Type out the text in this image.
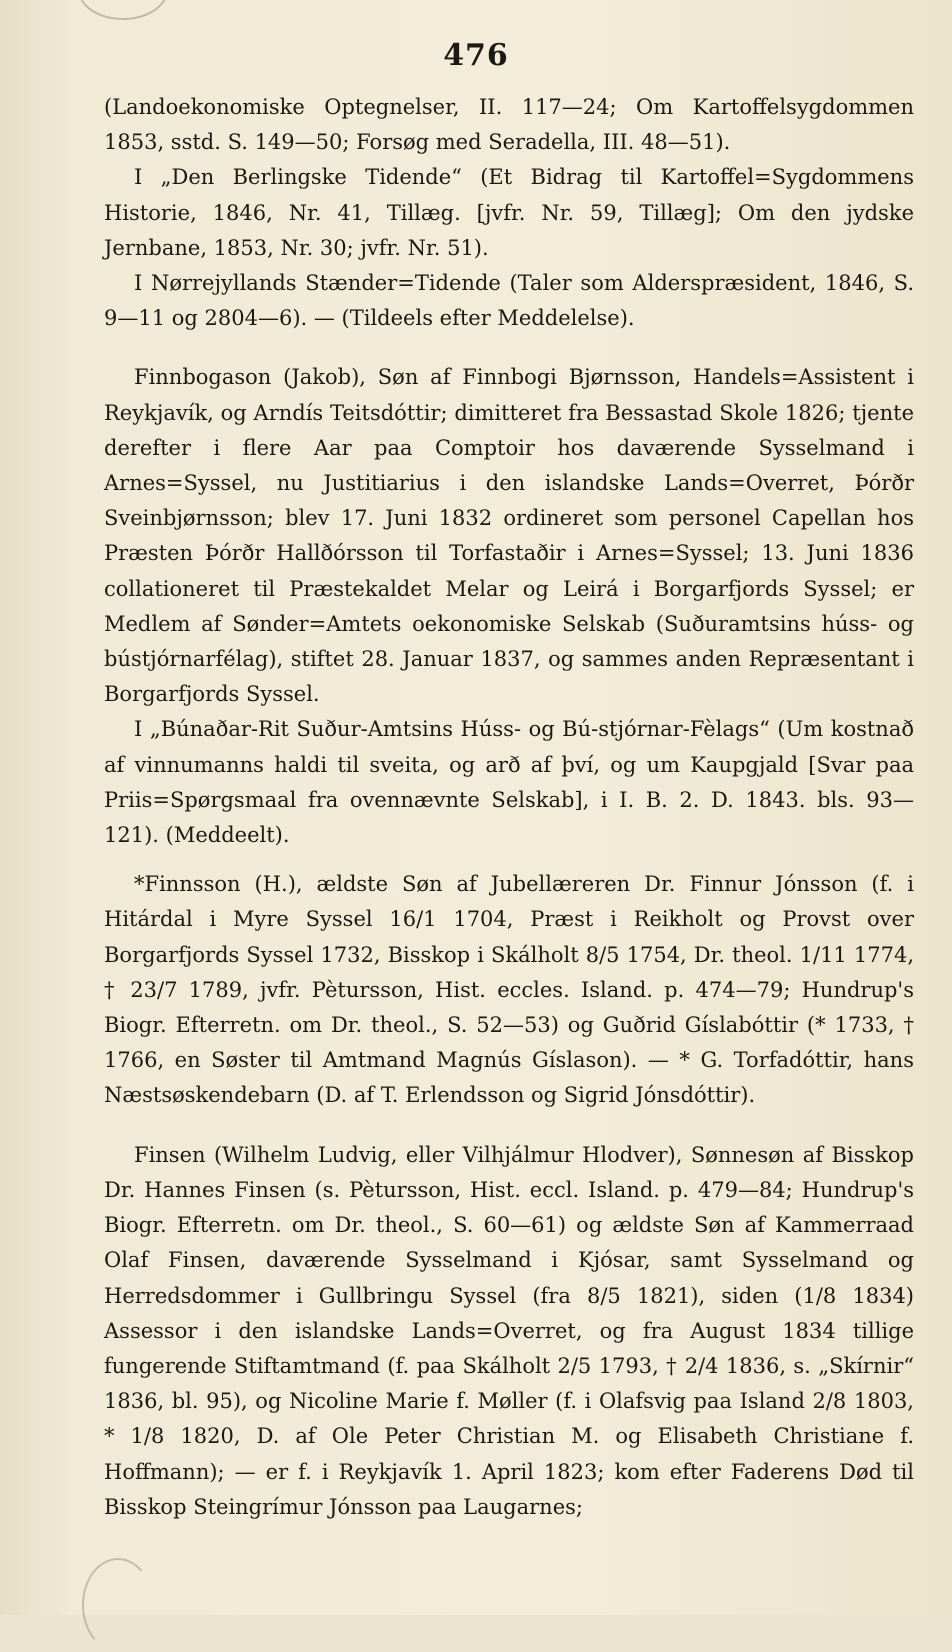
476

(Landoekonomiske Optegnelser, II. 117—24; Om Kartoffelsygdommen 1853, sstd. S. 149—50; Forsøg med Seradella, III. 48—51).

I „Den Berlingske Tidende“ (Et Bidrag til Kartoffel=Sygdommens Historie, 1846, Nr. 41, Tillæg. [jvfr. Nr. 59, Tillæg]; Om den jydske Jernbane, 1853, Nr. 30; jvfr. Nr. 51).

I Nørrejyllands Stænder=Tidende (Taler som Alderspræsident, 1846, S. 9—11 og 2804—6). — (Tildeels efter Meddelelse).

Finnbogason (Jakob), Søn af Finnbogi Bjørnsson, Handels=Assistent i Reykjavík, og Arndís Teitsdóttir; dimitteret fra Bessastad Skole 1826; tjente derefter i flere Aar paa Comptoir hos daværende Sysselmand i Arnes=Syssel, nu Justitiarius i den islandske Lands=Overret, Þórðr Sveinbjørnsson; blev 17. Juni 1832 ordineret som personel Capellan hos Præsten Þórðr Hallðórsson til Torfastaðir i Arnes=Syssel; 13. Juni 1836 collationeret til Præstekaldet Melar og Leirá i Borgarfjords Syssel; er Medlem af Sønder=Amtets oekonomiske Selskab (Suðuramtsins húss- og bústjórnarfélag), stiftet 28. Januar 1837, og sammes anden Repræsentant i Borgarfjords Syssel.

I „Búnaðar-Rit Suður-Amtsins Húss- og Bú-stjórnar-Fèlags“ (Um kostnað af vinnumanns haldi til sveita, og arð af því, og um Kaupgjald [Svar paa Priis=Spørgsmaal fra ovennævnte Selskab], i I. B. 2. D. 1843. bls. 93—121). (Meddeelt).

*Finnsson (H.), ældste Søn af Jubellæreren Dr. Finnur Jónsson (f. i Hitárdal i Myre Syssel 16/1 1704, Præst i Reikholt og Provst over Borgarfjords Syssel 1732, Bisskop i Skálholt 8/5 1754, Dr. theol. 1/11 1774, † 23/7 1789, jvfr. Pètursson, Hist. eccles. Island. p. 474—79; Hundrup's Biogr. Efterretn. om Dr. theol., S. 52—53) og Guðrid Gíslabóttir (* 1733, † 1766, en Søster til Amtmand Magnús Gíslason). — * G. Torfadóttir, hans Næstsøskendebarn (D. af T. Erlendsson og Sigrid Jónsdóttir).

Finsen (Wilhelm Ludvig, eller Vilhjálmur Hlodver), Sønnesøn af Bisskop Dr. Hannes Finsen (s. Pètursson, Hist. eccl. Island. p. 479—84; Hundrup's Biogr. Efterretn. om Dr. theol., S. 60—61) og ældste Søn af Kammerraad Olaf Finsen, daværende Sysselmand i Kjósar, samt Sysselmand og Herredsdommer i Gullbringu Syssel (fra 8/5 1821), siden (1/8 1834) Assessor i den islandske Lands=Overret, og fra August 1834 tillige fungerende Stiftamtmand (f. paa Skálholt 2/5 1793, † 2/4 1836, s. „Skírnir“ 1836, bl. 95), og Nicoline Marie f. Møller (f. i Olafsvig paa Island 2/8 1803, * 1/8 1820, D. af Ole Peter Christian M. og Elisabeth Christiane f. Hoffmann); — er f. i Reykjavík 1. April 1823; kom efter Faderens Død til Bisskop Steingrímur Jónsson paa Laugarnes;
